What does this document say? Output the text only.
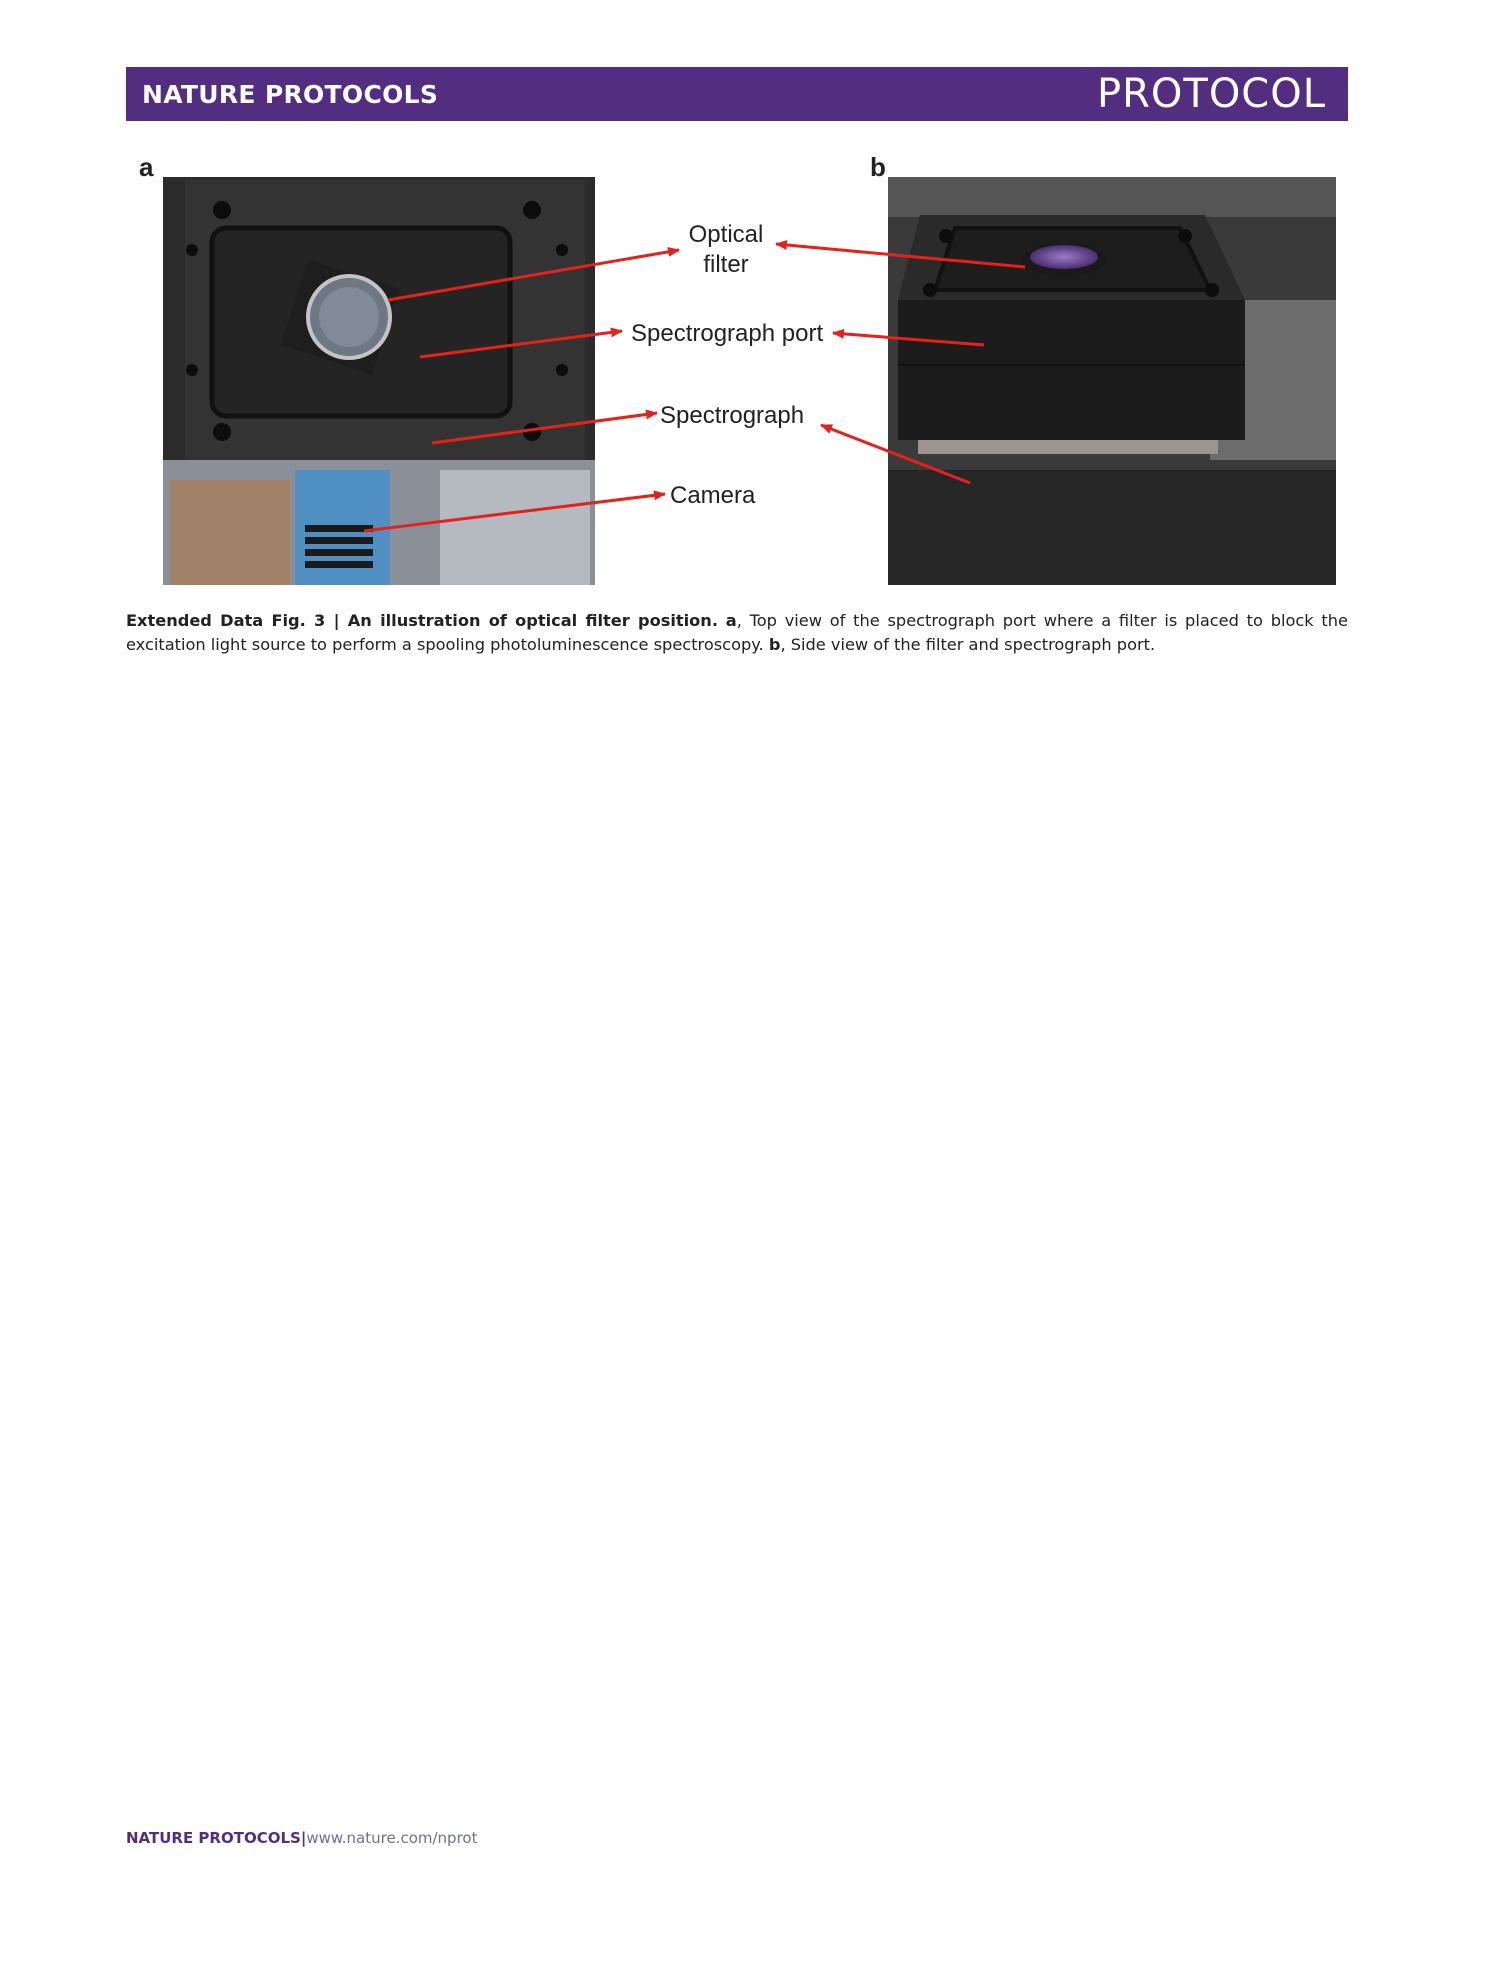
NATURE PROTOCOLS	PROTOCOL
a	b
Optical
filter
Spectrograph port
Spectrograph
Camera
Extended Data Fig. 3 | An illustration of optical filter position. a, Top view of the spectrograph port where a filter is placed to block the excitation light source to perform a spooling photoluminescence spectroscopy. b, Side view of the filter and spectrograph port.
NATURE PROTOCOLS|www.nature.com/nprot
